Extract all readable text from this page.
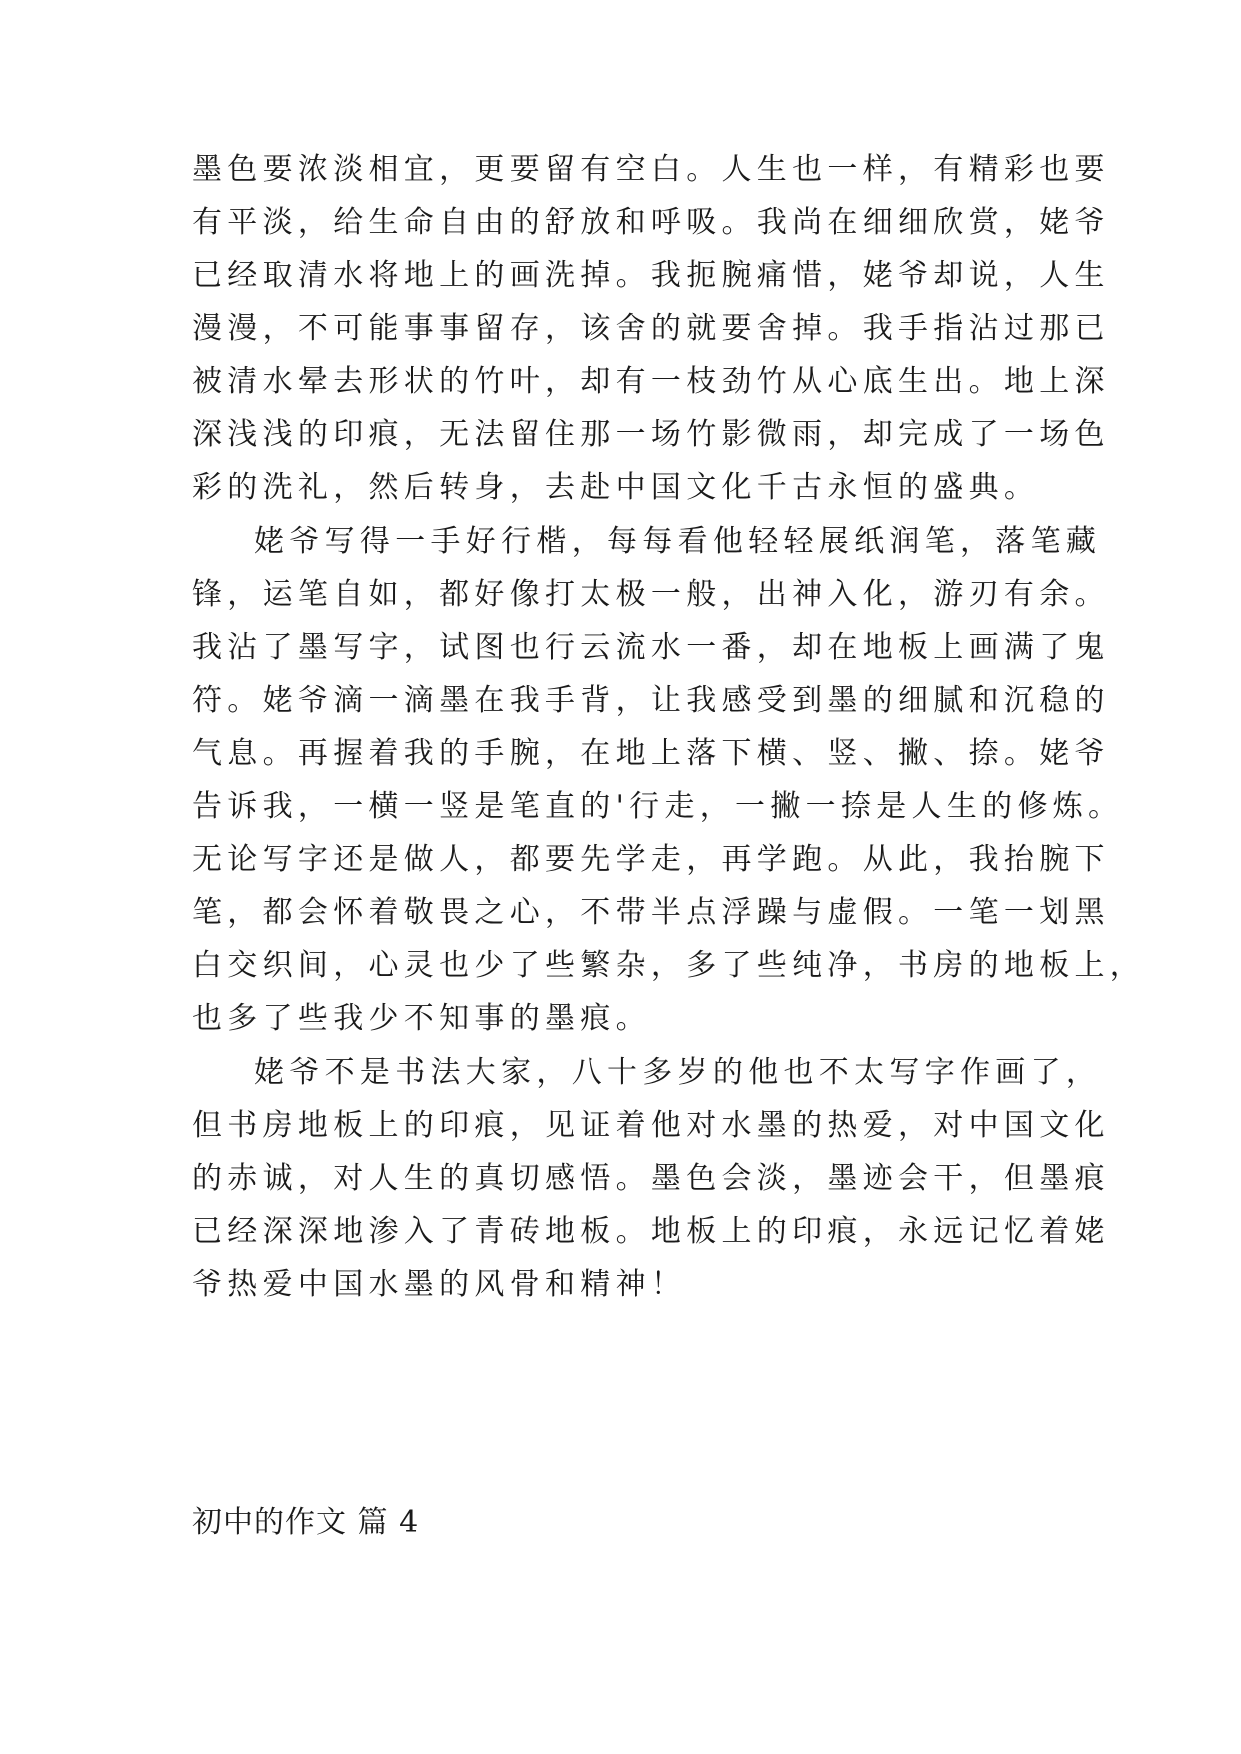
墨色要浓淡相宜，更要留有空白。人生也一样，有精彩也要
有平淡，给生命自由的舒放和呼吸。我尚在细细欣赏，姥爷
已经取清水将地上的画洗掉。我扼腕痛惜，姥爷却说，人生
漫漫，不可能事事留存，该舍的就要舍掉。我手指沾过那已
被清水晕去形状的竹叶，却有一枝劲竹从心底生出。地上深
深浅浅的印痕，无法留住那一场竹影微雨，却完成了一场色
彩的洗礼，然后转身，去赴中国文化千古永恒的盛典。
姥爷写得一手好行楷，每每看他轻轻展纸润笔，落笔藏
锋，运笔自如，都好像打太极一般，出神入化，游刃有余。
我沾了墨写字，试图也行云流水一番，却在地板上画满了鬼
符。姥爷滴一滴墨在我手背，让我感受到墨的细腻和沉稳的
气息。再握着我的手腕，在地上落下横、竖、撇、捺。姥爷
告诉我，一横一竖是笔直的'行走，一撇一捺是人生的修炼。
无论写字还是做人，都要先学走，再学跑。从此，我抬腕下
笔，都会怀着敬畏之心，不带半点浮躁与虚假。一笔一划黑
白交织间，心灵也少了些繁杂，多了些纯净，书房的地板上，
也多了些我少不知事的墨痕。
姥爷不是书法大家，八十多岁的他也不太写字作画了，
但书房地板上的印痕，见证着他对水墨的热爱，对中国文化
的赤诚，对人生的真切感悟。墨色会淡，墨迹会干，但墨痕
已经深深地渗入了青砖地板。地板上的印痕，永远记忆着姥
爷热爱中国水墨的风骨和精神！
初中的作文 篇 4
